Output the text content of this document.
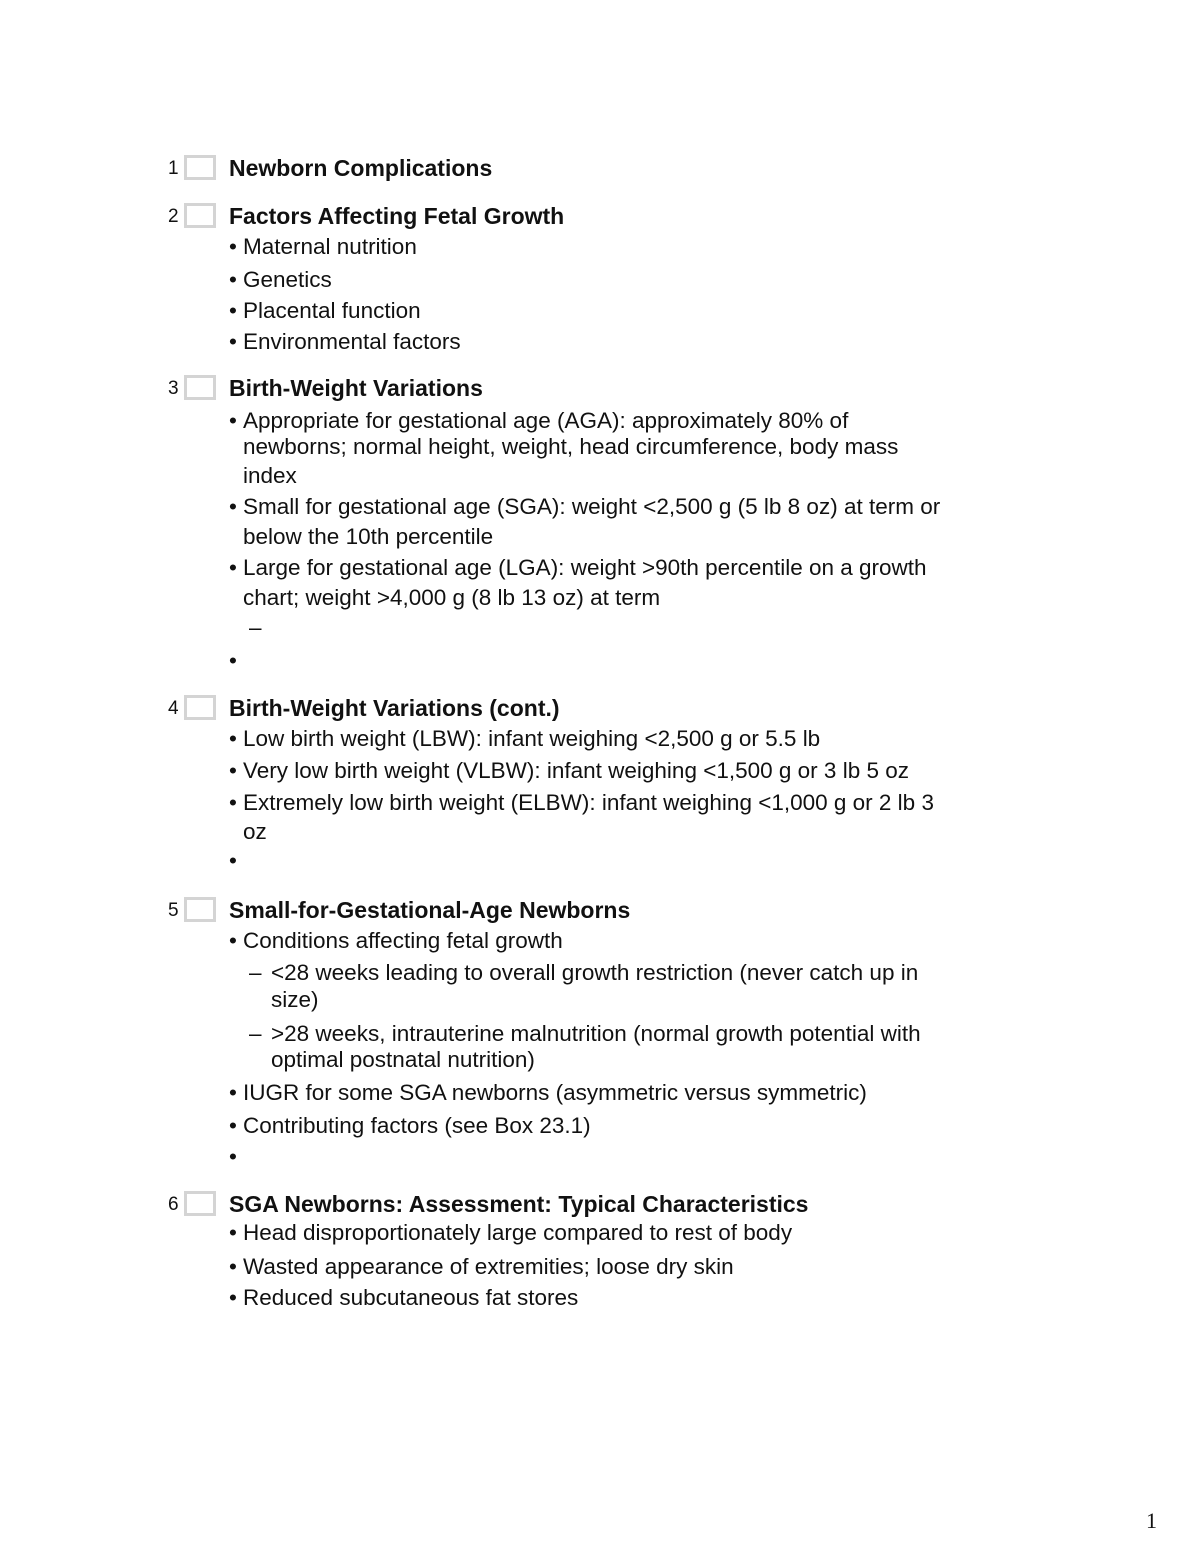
1 Newborn Complications
2 Factors Affecting Fetal Growth
• Maternal nutrition
• Genetics
• Placental function
• Environmental factors
3 Birth-Weight Variations
• Appropriate for gestational age (AGA): approximately 80% of
newborns; normal height, weight, head circumference, body mass
index
• Small for gestational age (SGA): weight <2,500 g (5 lb 8 oz) at term or
below the 10th percentile
• Large for gestational age (LGA): weight >90th percentile on a growth
chart; weight >4,000 g (8 lb 13 oz) at term
–
•
4 Birth-Weight Variations (cont.)
• Low birth weight (LBW): infant weighing <2,500 g or 5.5 lb
• Very low birth weight (VLBW): infant weighing <1,500 g or 3 lb 5 oz
• Extremely low birth weight (ELBW): infant weighing <1,000 g or 2 lb 3
oz
•
5 Small-for-Gestational-Age Newborns
• Conditions affecting fetal growth
– <28 weeks leading to overall growth restriction (never catch up in
size)
– >28 weeks, intrauterine malnutrition (normal growth potential with
optimal postnatal nutrition)
• IUGR for some SGA newborns (asymmetric versus symmetric)
• Contributing factors (see Box 23.1)
•
6 SGA Newborns: Assessment: Typical Characteristics
• Head disproportionately large compared to rest of body
• Wasted appearance of extremities; loose dry skin
• Reduced subcutaneous fat stores
1
